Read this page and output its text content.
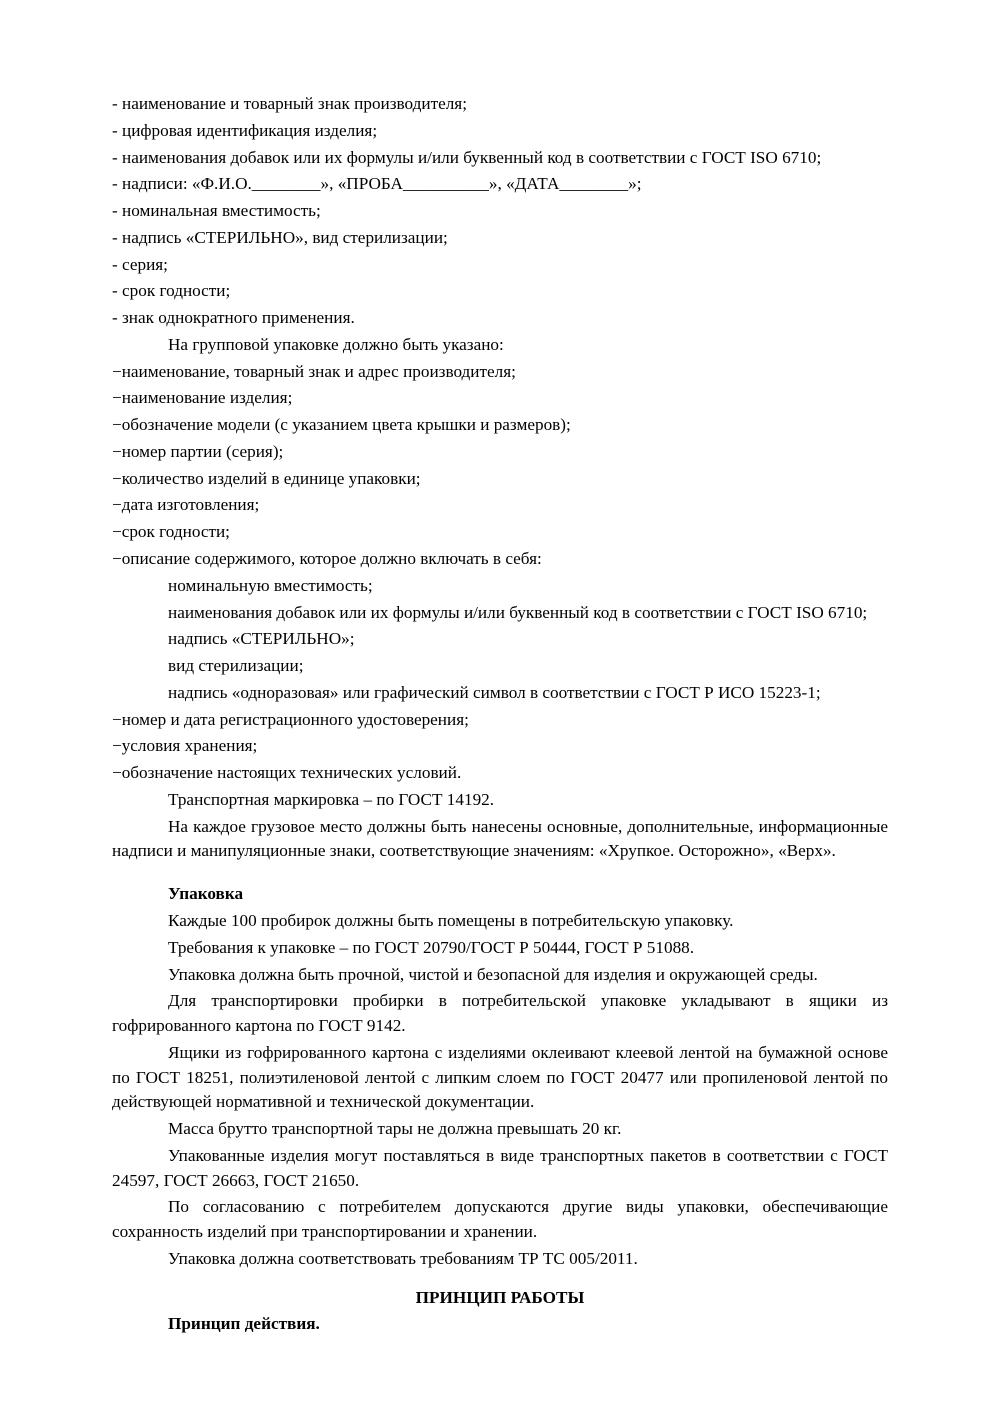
- наименование и товарный знак производителя;

- цифровая идентификация изделия;

- наименования добавок или их формулы и/или буквенный код в соответствии с ГОСТ ISO 6710;

- надписи: «Ф.И.О.________», «ПРОБА__________», «ДАТА________»;

- номинальная вместимость;

- надпись «СТЕРИЛЬНО», вид стерилизации;

- серия;

- срок годности;

- знак однократного применения.

На групповой упаковке должно быть указано:

−наименование, товарный знак и адрес производителя;

−наименование изделия;

−обозначение модели (с указанием цвета крышки и размеров);

−номер партии (серия);

−количество изделий в единице упаковки;

−дата изготовления;

−срок годности;

−описание содержимого, которое должно включать в себя:

номинальную вместимость;

наименования добавок или их формулы и/или буквенный код в соответствии с ГОСТ ISO 6710;

надпись «СТЕРИЛЬНО»;

вид стерилизации;

надпись «одноразовая» или графический символ в соответствии с ГОСТ Р ИСО 15223-1;

−номер и дата регистрационного удостоверения;

−условия хранения;

−обозначение настоящих технических условий.

Транспортная маркировка – по ГОСТ 14192.

На каждое грузовое место должны быть нанесены основные, дополнительные, информационные надписи и манипуляционные знаки, соответствующие значениям: «Хрупкое. Осторожно», «Верх».

Упаковка

Каждые 100 пробирок должны быть помещены в потребительскую упаковку.

Требования к упаковке – по ГОСТ 20790/ГОСТ Р 50444, ГОСТ Р 51088.

Упаковка должна быть прочной, чистой и безопасной для изделия и окружающей среды.

Для транспортировки пробирки в потребительской упаковке укладывают в ящики из гофрированного картона по ГОСТ 9142.

Ящики из гофрированного картона с изделиями оклеивают клеевой лентой на бумажной основе по ГОСТ 18251, полиэтиленовой лентой с липким слоем по ГОСТ 20477 или пропиленовой лентой по действующей нормативной и технической документации.

Масса брутто транспортной тары не должна превышать 20 кг.

Упакованные изделия могут поставляться в виде транспортных пакетов в соответствии с ГОСТ 24597, ГОСТ 26663, ГОСТ 21650.

По согласованию с потребителем допускаются другие виды упаковки, обеспечивающие сохранность изделий при транспортировании и хранении.

Упаковка должна соответствовать требованиям ТР ТС 005/2011.

ПРИНЦИП РАБОТЫ

Принцип действия.
